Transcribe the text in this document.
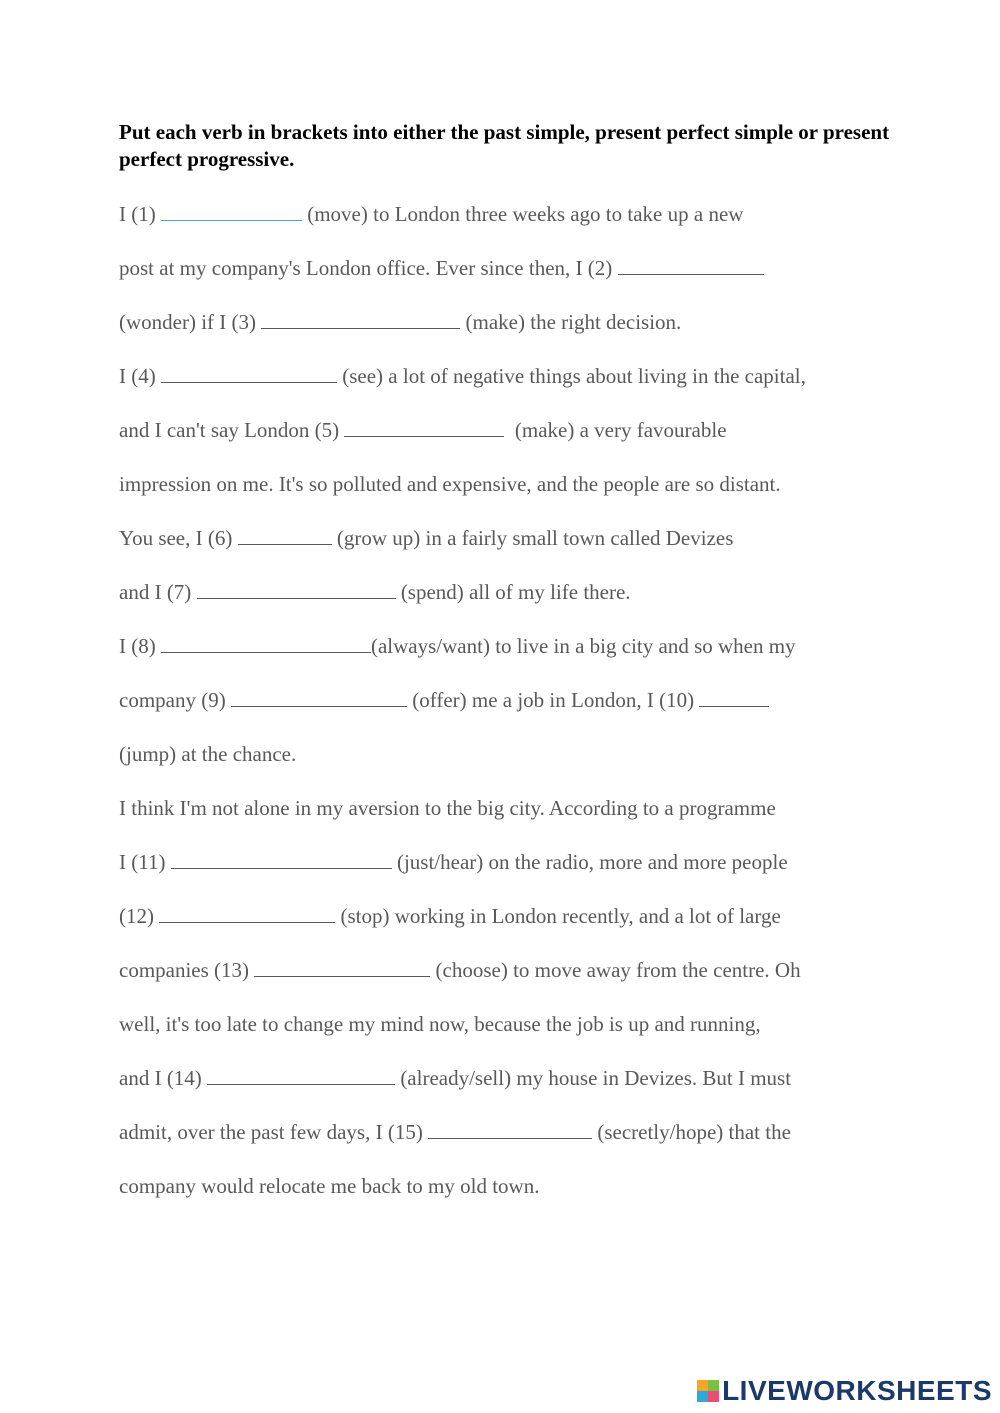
Put each verb in brackets into either the past simple, present perfect simple or present perfect progressive.
I (1)	(move) to London three weeks ago to take up a new
post at my company's London office. Ever since then, I (2)
(wonder) if I (3)	(make) the right decision.
I (4)	(see) a lot of negative things about living in the capital,
and I can't say London (5)	(make) a very favourable
impression on me. It's so polluted and expensive, and the people are so distant.
You see, I (6)	(grow up) in a fairly small town called Devizes
and I (7)	(spend) all of my life there.
I (8)	(always/want) to live in a big city and so when my
company (9)	(offer) me a job in London, I (10)
(jump) at the chance.
I think I'm not alone in my aversion to the big city. According to a programme
I (11)	(just/hear) on the radio, more and more people
(12)	(stop) working in London recently, and a lot of large
companies (13)	(choose) to move away from the centre. Oh
well, it's too late to change my mind now, because the job is up and running,
and I (14)	(already/sell) my house in Devizes. But I must
admit, over the past few days, I (15)	(secretly/hope) that the
company would relocate me back to my old town.
LIVEWORKSHEETS
